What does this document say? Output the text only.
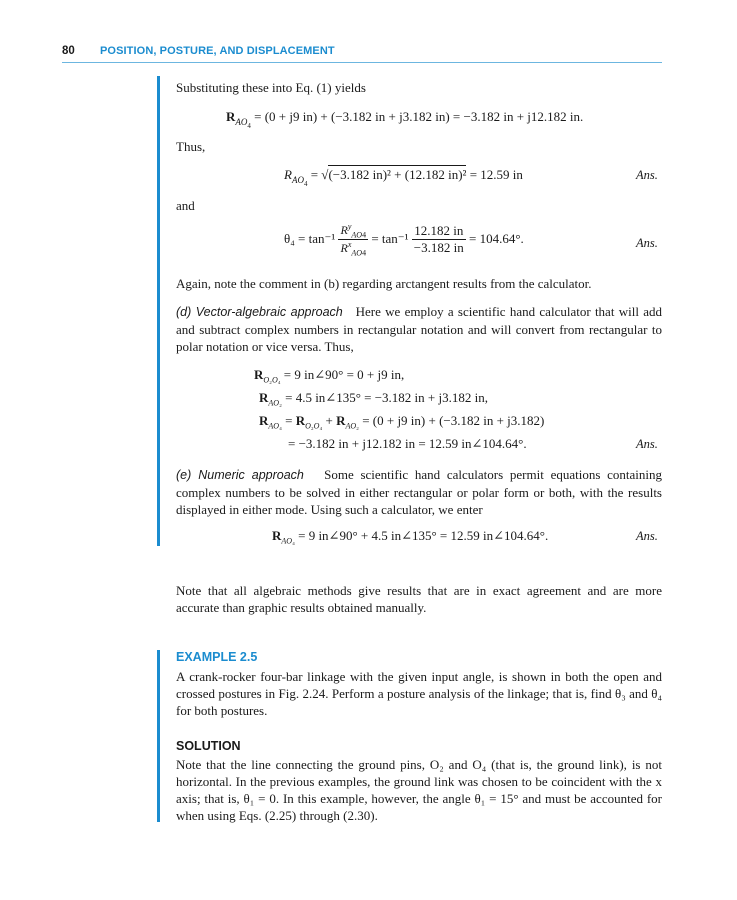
80 POSITION, POSTURE, AND DISPLACEMENT
Substituting these into Eq. (1) yields
$R_{AO_4} = (0 + j9$ in) + (−3.182 in + j3.182 in) = −3.182 in + j12.182 in.
Thus,
$R_{AO_4} = √(-3.182$ in)² + (12.182 in)² = 12.59 in	Ans.
and
$\theta_4 = \tan^{-1} \frac{R^y_{AO4}}{R^x_{AO4}} = \tan^{-1} \frac{12.182 in}{-3.182 in} = 104.64^\circ$.	Ans.
Again, note the comment in (b) regarding arctangent results from the calculator.
(d) Vector-algebraic approach Here we employ a scientific hand calculator that will add and subtract complex numbers in rectangular notation and will convert from rectangular to polar notation or vice versa. Thus,
$R_{O_2O_4} = 9$ in∠90° = 0 + j9 in,
$R_{AO_2} = 4.5$ in∠135° = −3.182 in + j3.182 in,
$R_{AO_4} = R_{O_2O_4} + R_{AO_2} = (0 + j9$ in) + (−3.182 in + j3.182)
= −3.182 in + j12.182 in = 12.59 in∠104.64°.	Ans.
(e) Numeric approach Some scientific hand calculators permit equations containing complex numbers to be solved in either rectangular or polar form or both, with the results displayed in either mode. Using such a calculator, we enter
$R_{AO_4} = 9$ in∠90° + 4.5 in∠135° = 12.59 in∠104.64°.	Ans.
Note that all algebraic methods give results that are in exact agreement and are more accurate than graphic results obtained manually.
EXAMPLE 2.5
A crank-rocker four-bar linkage with the given input angle, is shown in both the open and crossed postures in Fig. 2.24. Perform a posture analysis of the linkage; that is, find θ₃ and θ₄ for both postures.
SOLUTION
Note that the line connecting the ground pins, O₂ and O₄ (that is, the ground link), is not horizontal. In the previous examples, the ground link was chosen to be coincident with the x axis; that is, θ₁ = 0. In this example, however, the angle θ₁ = 15° and must be accounted for when using Eqs. (2.25) through (2.30).
